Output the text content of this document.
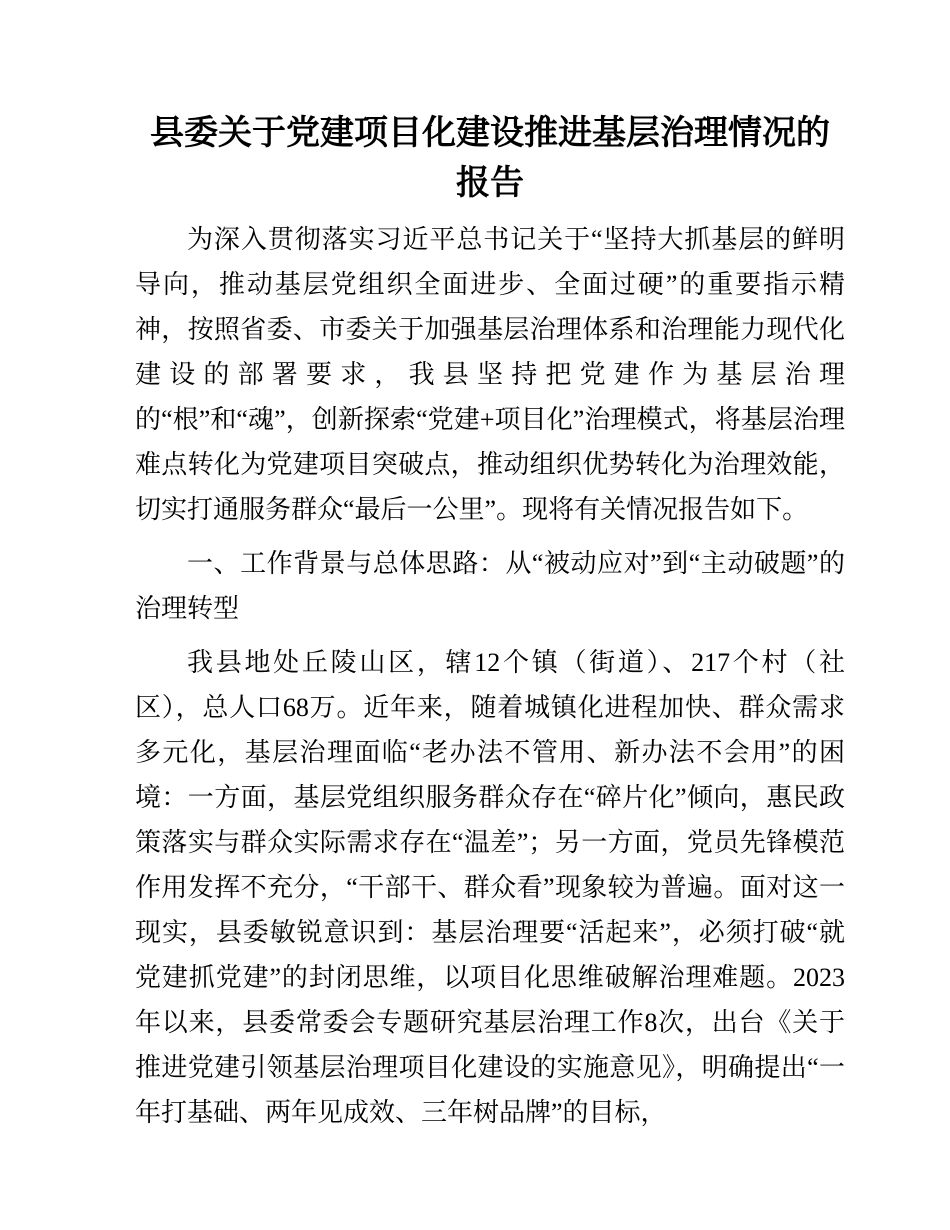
县委关于党建项目化建设推进基层治理情况的报告

为深入贯彻落实习近平总书记关于“坚持大抓基层的鲜明导向，推动基层党组织全面进步、全面过硬”的重要指示精神，按照省委、市委关于加强基层治理体系和治理能力现代化建设的部署要求，我县坚持把党建作为基层治理的“根”和“魂”，创新探索“党建+项目化”治理模式，将基层治理难点转化为党建项目突破点，推动组织优势转化为治理效能，切实打通服务群众“最后一公里”。现将有关情况报告如下。

一、工作背景与总体思路：从“被动应对”到“主动破题”的治理转型

我县地处丘陵山区，辖12个镇（街道）、217个村（社区），总人口68万。近年来，随着城镇化进程加快、群众需求多元化，基层治理面临“老办法不管用、新办法不会用”的困境：一方面，基层党组织服务群众存在“碎片化”倾向，惠民政策落实与群众实际需求存在“温差”；另一方面，党员先锋模范作用发挥不充分，“干部干、群众看”现象较为普遍。面对这一现实，县委敏锐意识到：基层治理要“活起来”，必须打破“就党建抓党建”的封闭思维，以项目化思维破解治理难题。2023年以来，县委常委会专题研究基层治理工作8次，出台《关于推进党建引领基层治理项目化建设的实施意见》，明确提出“一年打基础、两年见成效、三年树品牌”的目标，
